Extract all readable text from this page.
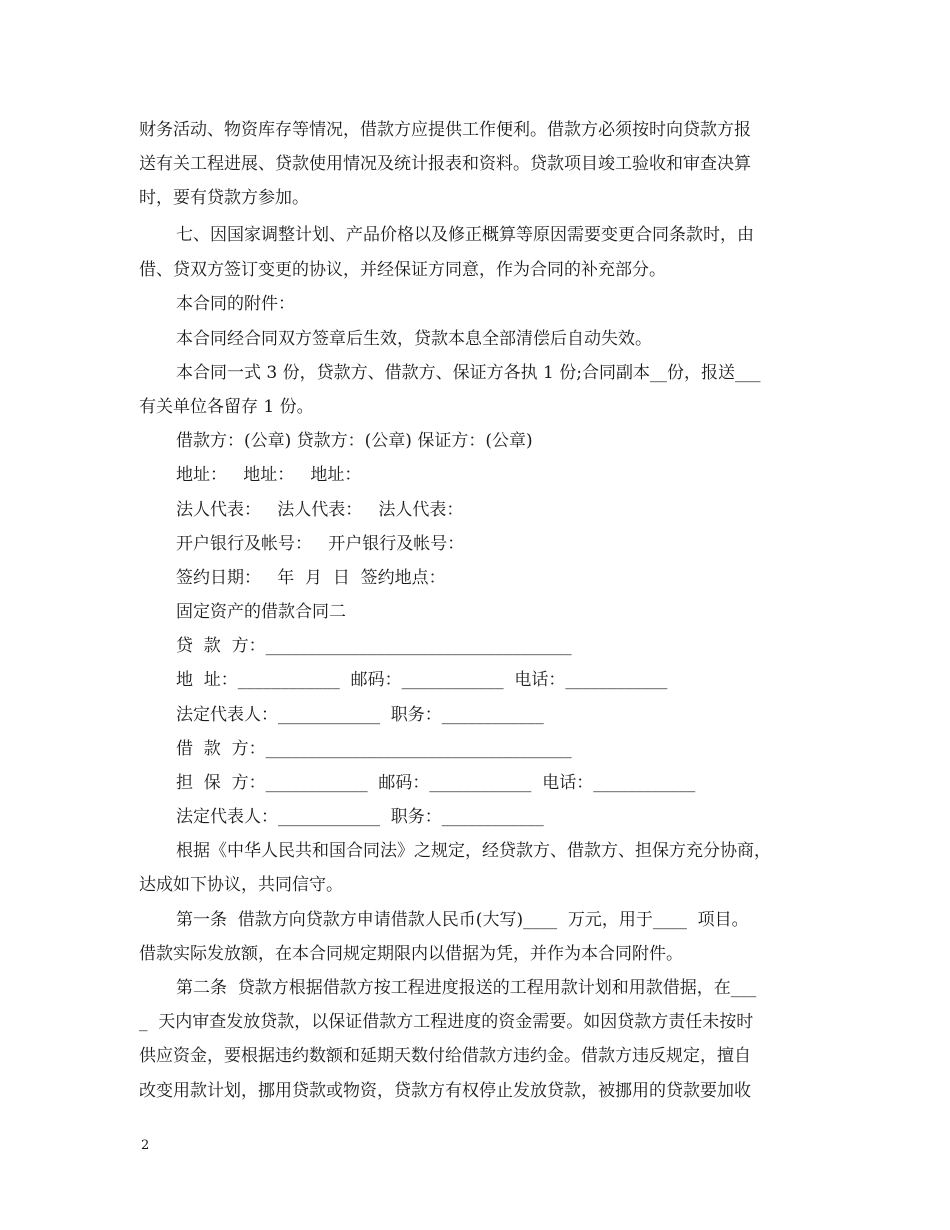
财务活动、物资库存等情况，借款方应提供工作便利。借款方必须按时向贷款方报
送有关工程进展、贷款使用情况及统计报表和资料。贷款项目竣工验收和审查决算
时，要有贷款方参加。
七、因国家调整计划、产品价格以及修正概算等原因需要变更合同条款时，由
借、贷双方签订变更的协议，并经保证方同意，作为合同的补充部分。
本合同的附件：
本合同经合同双方签章后生效，贷款本息全部清偿后自动失效。
本合同一式 3 份，贷款方、借款方、保证方各执 1 份;合同副本__份，报送___
有关单位各留存 1 份。
借款方：(公章) 贷款方：(公章) 保证方：(公章)
地址：   地址：   地址：
法人代表：   法人代表：   法人代表：
开户银行及帐号：   开户银行及帐号：
签约日期：   年  月  日  签约地点：
固定资产的借款合同二
贷  款  方：____________________________________
地  址：____________  邮码：____________  电话：____________
法定代表人：____________  职务：____________
借  款  方：____________________________________
担  保  方：____________  邮码：____________  电话：____________
法定代表人：____________  职务：____________
根据《中华人民共和国合同法》之规定，经贷款方、借款方、担保方充分协商，
达成如下协议，共同信守。
第一条  借款方向贷款方申请借款人民币(大写)____  万元，用于____  项目。
借款实际发放额，在本合同规定期限内以借据为凭，并作为本合同附件。
第二条  贷款方根据借款方按工程进度报送的工程用款计划和用款借据，在___
_  天内审查发放贷款，以保证借款方工程进度的资金需要。如因贷款方责任未按时
供应资金，要根据违约数额和延期天数付给借款方违约金。借款方违反规定，擅自
改变用款计划，挪用贷款或物资，贷款方有权停止发放贷款，被挪用的贷款要加收
2
